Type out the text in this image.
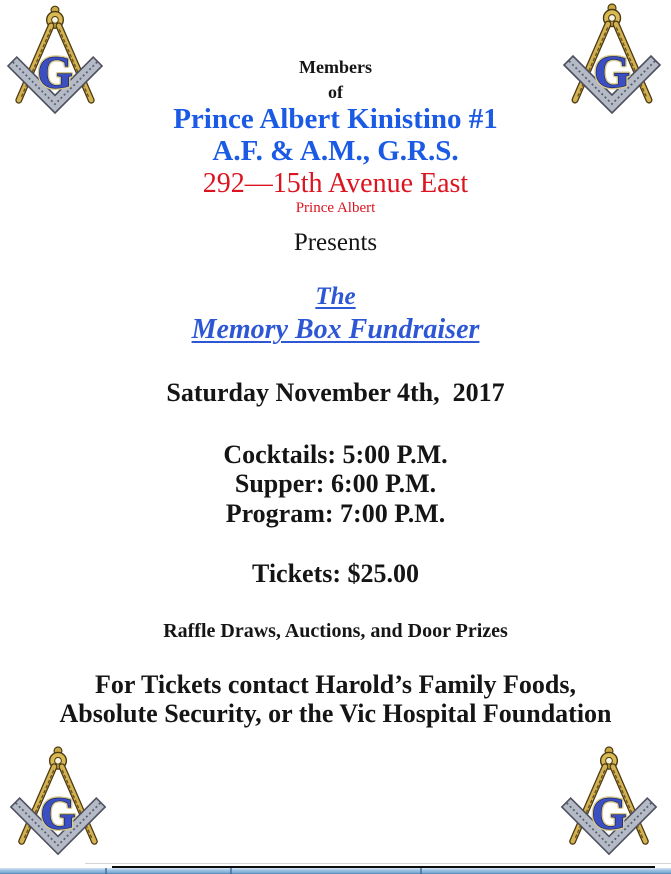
Members
of
Prince Albert Kinistino #1
A.F. & A.M., G.R.S.
292—15th Avenue East
Prince Albert
Presents
The
Memory Box Fundraiser
Saturday November 4th,  2017
Cocktails: 5:00 P.M.
Supper: 6:00 P.M.
Program: 7:00 P.M.
Tickets: $25.00
Raffle Draws, Auctions, and Door Prizes
For Tickets contact Harold’s Family Foods,
Absolute Security, or the Vic Hospital Foundation
